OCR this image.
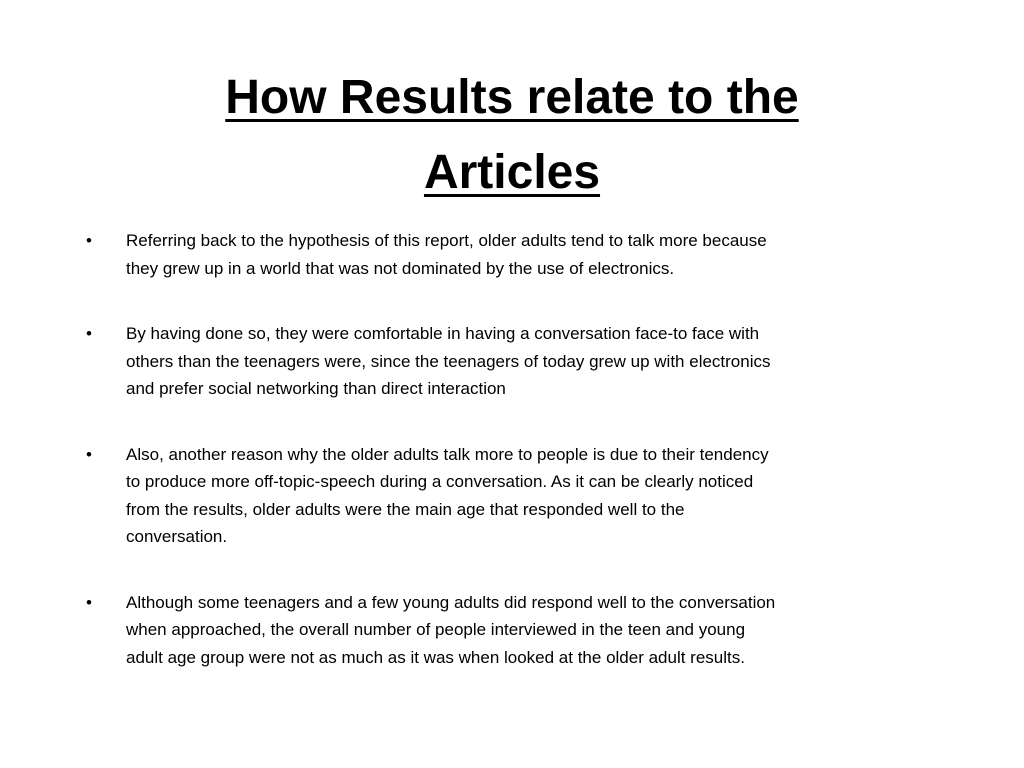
How Results relate to the
Articles
• Referring back to the hypothesis of this report, older adults tend to talk more because
they grew up in a world that was not dominated by the use of electronics.
• By having done so, they were comfortable in having a conversation face-to face with
others than the teenagers were, since the teenagers of today grew up with electronics
and prefer social networking than direct interaction
• Also, another reason why the older adults talk more to people is due to their tendency
to produce more off-topic-speech during a conversation. As it can be clearly noticed
from the results, older adults were the main age that responded well to the
conversation.
• Although some teenagers and a few young adults did respond well to the conversation
when approached, the overall number of people interviewed in the teen and young
adult age group were not as much as it was when looked at the older adult results.
